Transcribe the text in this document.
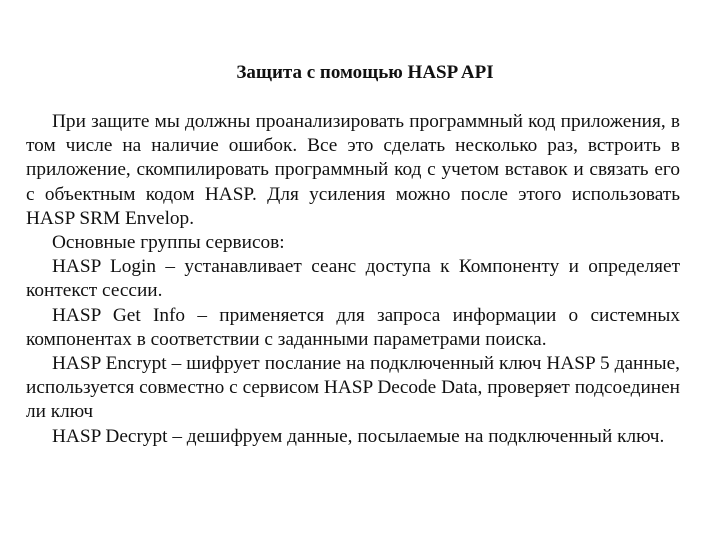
Защита с помощью HASP API

При защите мы должны проанализировать программный код приложения, в том числе на наличие ошибок. Все это сделать несколько раз, встроить в приложение, скомпилировать программный код с учетом вставок и связать его с объектным кодом HASP. Для усиления можно после этого использовать HASP SRM Envelop.

Основные группы сервисов:

HASP Login – устанавливает сеанс доступа к Компоненту и определяет контекст сессии.

HASP Get Info – применяется для запроса информации о системных компонентах в соответствии с заданными параметрами поиска.

HASP Encrypt – шифрует послание на подключенный ключ HASP 5 данные, используется совместно с сервисом HASP Decode Data, проверяет подсоединен ли ключ

HASP Decrypt – дешифруем данные, посылаемые на подключенный ключ.
